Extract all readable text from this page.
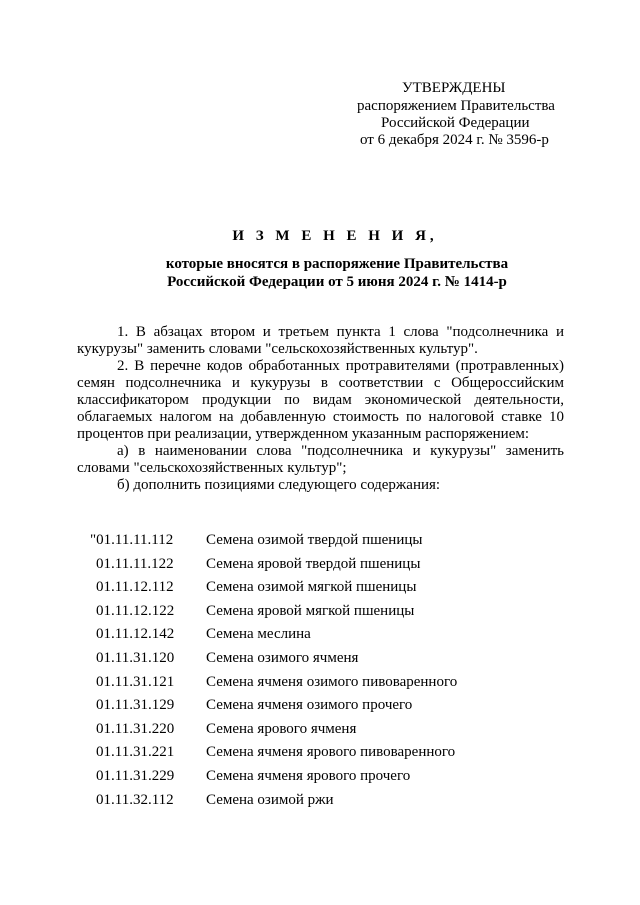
УТВЕРЖДЕНЫ
распоряжением Правительства
Российской Федерации
от 6 декабря 2024 г. № 3596-р
И З М Е Н Е Н И Я,
которые вносятся в распоряжение Правительства
Российской Федерации от 5 июня 2024 г. № 1414-р

1. В абзацах втором и третьем пункта 1 слова "подсолнечника и кукурузы" заменить словами "сельскохозяйственных культур".

2. В перечне кодов обработанных протравителями (протравленных) семян подсолнечника и кукурузы в соответствии с Общероссийским классификатором продукции по видам экономической деятельности, облагаемых налогом на добавленную стоимость по налоговой ставке 10 процентов при реализации, утвержденном указанным распоряжением:

а) в наименовании слова "подсолнечника и кукурузы" заменить словами "сельскохозяйственных культур";

б) дополнить позициями следующего содержания:

"01.11.11.112 Семена озимой твердой пшеницы
01.11.11.122 Семена яровой твердой пшеницы
01.11.12.112 Семена озимой мягкой пшеницы
01.11.12.122 Семена яровой мягкой пшеницы
01.11.12.142 Семена меслина
01.11.31.120 Семена озимого ячменя
01.11.31.121 Семена ячменя озимого пивоваренного
01.11.31.129 Семена ячменя озимого прочего
01.11.31.220 Семена ярового ячменя
01.11.31.221 Семена ячменя ярового пивоваренного
01.11.31.229 Семена ячменя ярового прочего
01.11.32.112 Семена озимой ржи
